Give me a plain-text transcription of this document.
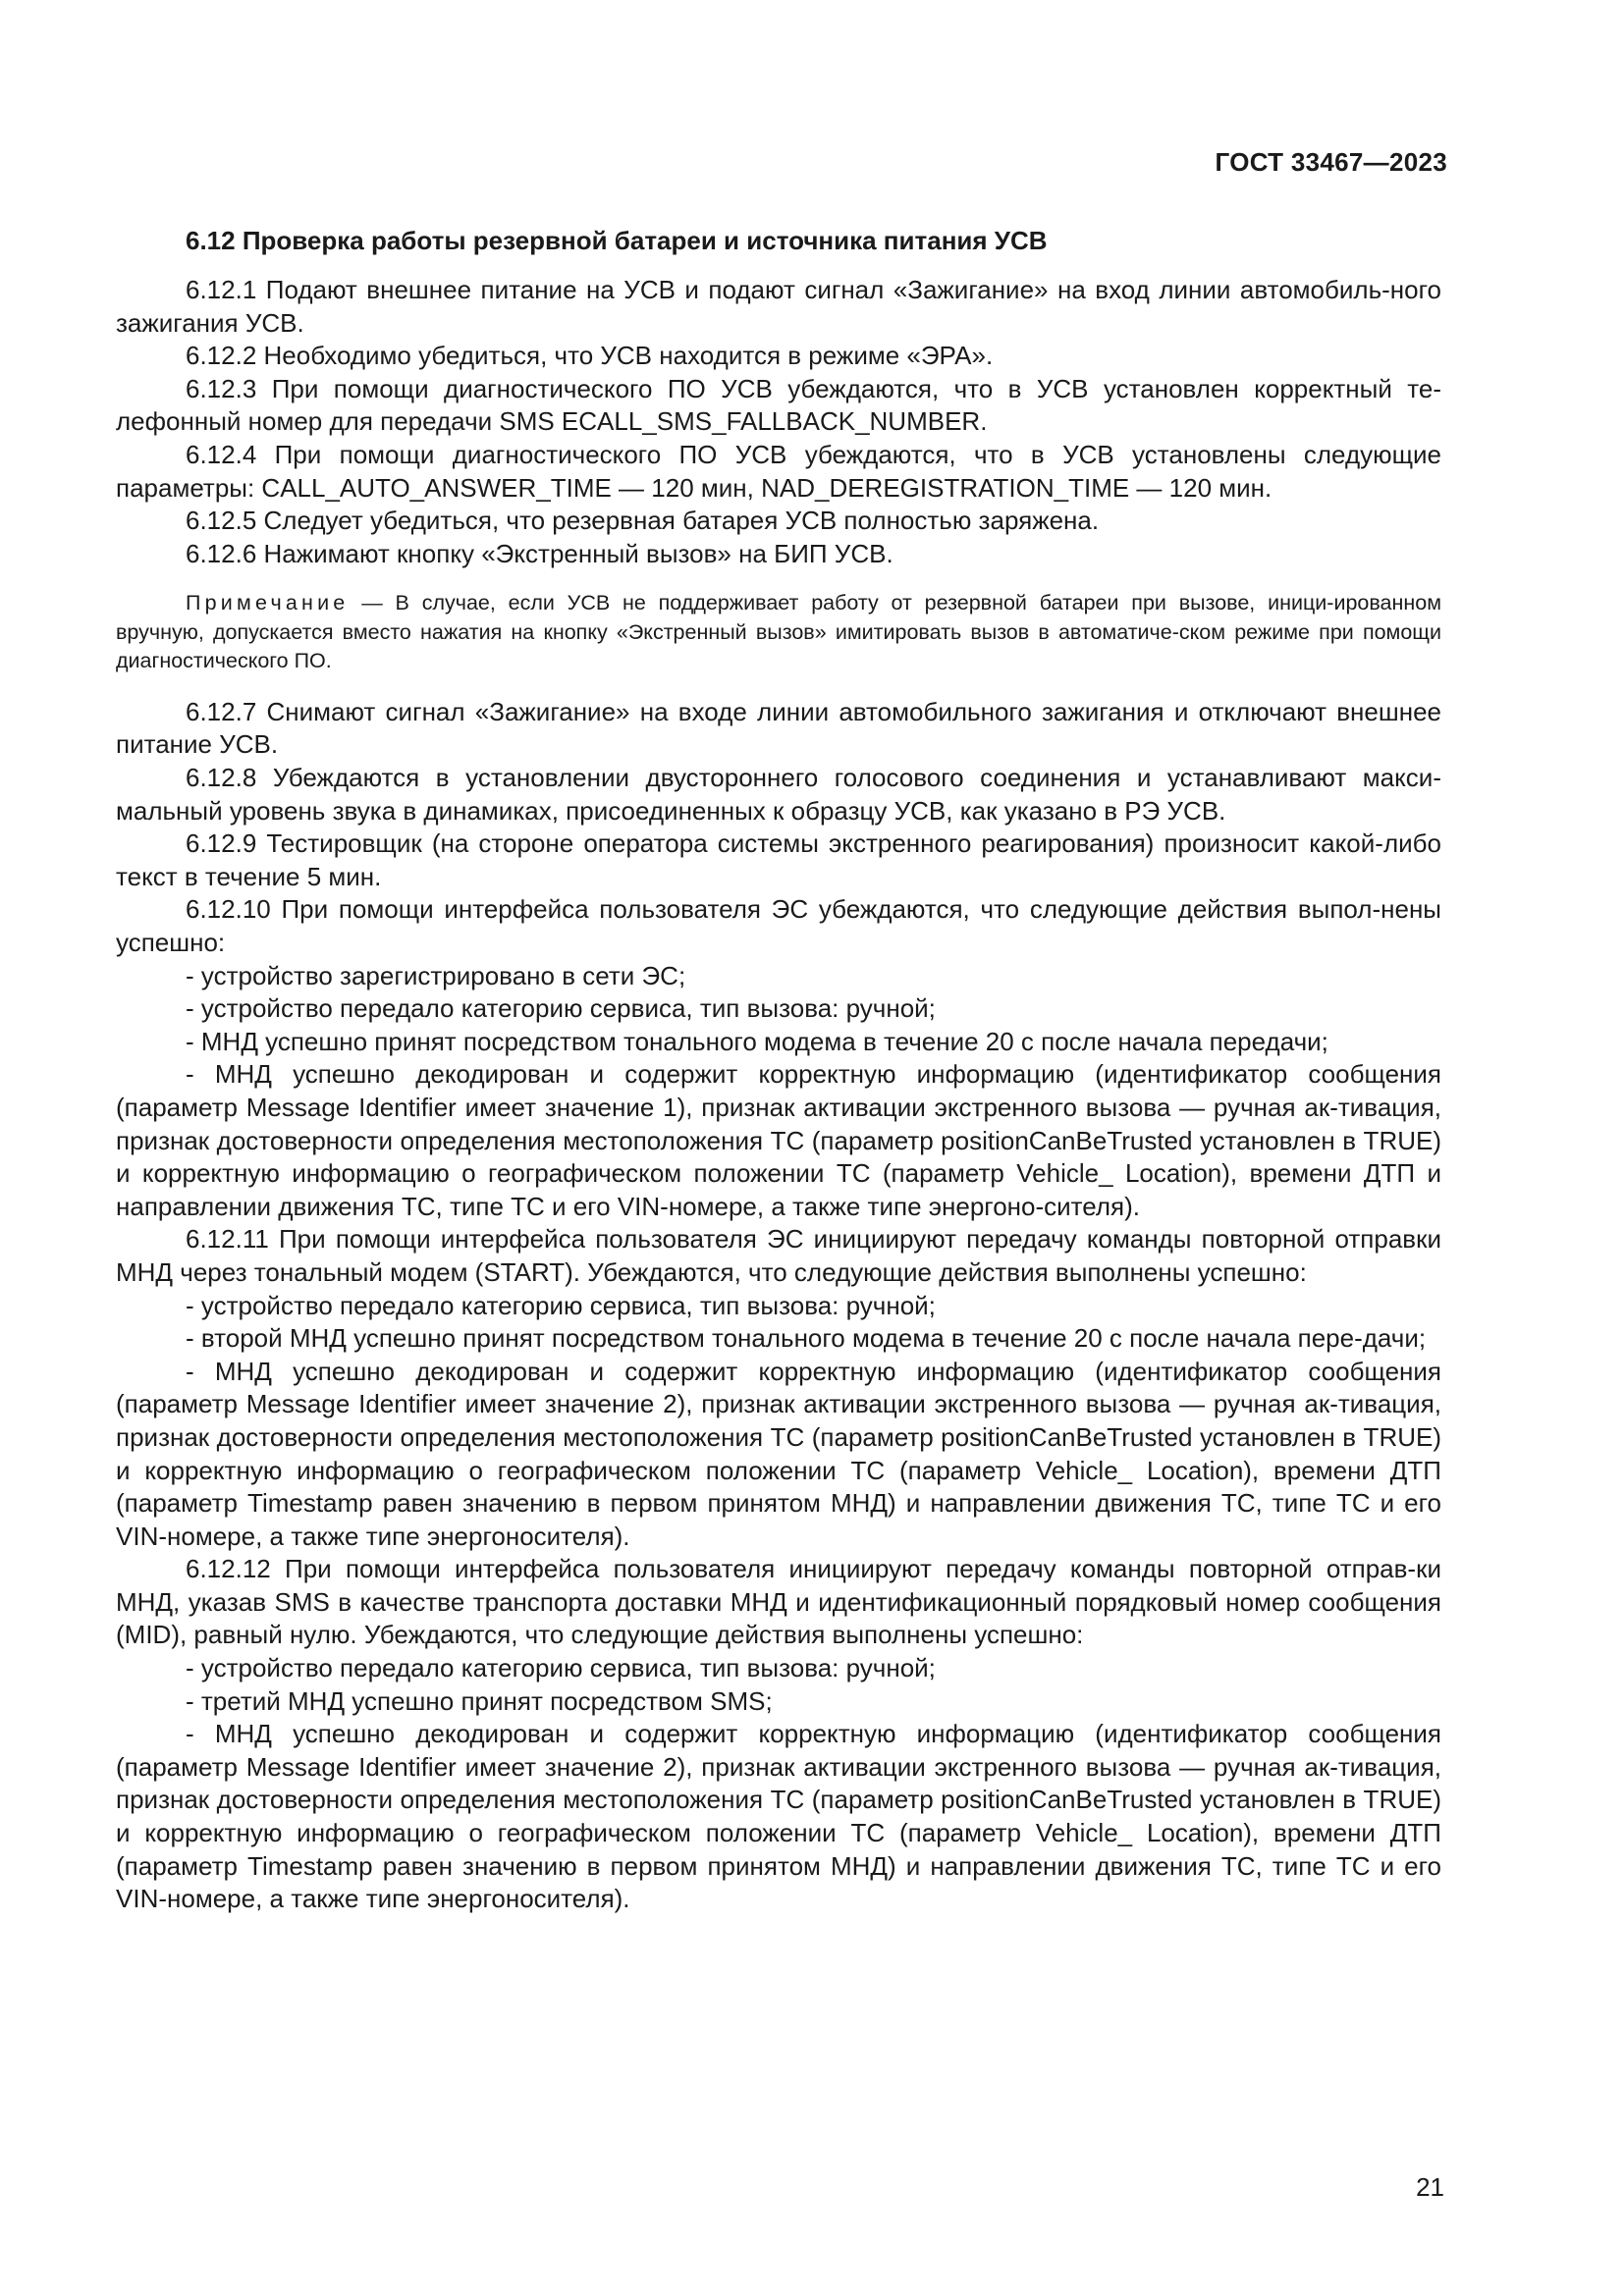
ГОСТ 33467—2023
6.12 Проверка работы резервной батареи и источника питания УСВ

6.12.1 Подают внешнее питание на УСВ и подают сигнал «Зажигание» на вход линии автомобиль-ного зажигания УСВ.

6.12.2 Необходимо убедиться, что УСВ находится в режиме «ЭРА».

6.12.3 При помощи диагностического ПО УСВ убеждаются, что в УСВ установлен корректный те-лефонный номер для передачи SMS ECALL_SMS_FALLBACK_NUMBER.

6.12.4 При помощи диагностического ПО УСВ убеждаются, что в УСВ установлены следующие параметры: CALL_AUTO_ANSWER_TIME — 120 мин, NAD_DEREGISTRATION_TIME — 120 мин.

6.12.5 Следует убедиться, что резервная батарея УСВ полностью заряжена.

6.12.6 Нажимают кнопку «Экстренный вызов» на БИП УСВ.

Примечание — В случае, если УСВ не поддерживает работу от резервной батареи при вызове, иници-ированном вручную, допускается вместо нажатия на кнопку «Экстренный вызов» имитировать вызов в автоматиче-ском режиме при помощи диагностического ПО.

6.12.7 Снимают сигнал «Зажигание» на входе линии автомобильного зажигания и отключают внешнее питание УСВ.

6.12.8 Убеждаются в установлении двустороннего голосового соединения и устанавливают макси-мальный уровень звука в динамиках, присоединенных к образцу УСВ, как указано в РЭ УСВ.

6.12.9 Тестировщик (на стороне оператора системы экстренного реагирования) произносит какой-либо текст в течение 5 мин.

6.12.10 При помощи интерфейса пользователя ЭС убеждаются, что следующие действия выпол-нены успешно:

- устройство зарегистрировано в сети ЭС;

- устройство передало категорию сервиса, тип вызова: ручной;

- МНД успешно принят посредством тонального модема в течение 20 с после начала передачи;

- МНД успешно декодирован и содержит корректную информацию (идентификатор сообщения (параметр Message Identifier имеет значение 1), признак активации экстренного вызова — ручная ак-тивация, признак достоверности определения местоположения ТС (параметр positionCanBeTrusted установлен в TRUE) и корректную информацию о географическом положении ТС (параметр Vehicle_ Location), времени ДТП и направлении движения ТС, типе ТС и его VIN-номере, а также типе энергоно-сителя).

6.12.11 При помощи интерфейса пользователя ЭС инициируют передачу команды повторной отправки МНД через тональный модем (START). Убеждаются, что следующие действия выполнены успешно:

- устройство передало категорию сервиса, тип вызова: ручной;

- второй МНД успешно принят посредством тонального модема в течение 20 с после начала пере-дачи;

- МНД успешно декодирован и содержит корректную информацию (идентификатор сообщения (параметр Message Identifier имеет значение 2), признак активации экстренного вызова — ручная ак-тивация, признак достоверности определения местоположения ТС (параметр positionCanBeTrusted установлен в TRUE) и корректную информацию о географическом положении ТС (параметр Vehicle_ Location), времени ДТП (параметр Timestamp равен значению в первом принятом МНД) и направлении движения ТС, типе ТС и его VIN-номере, а также типе энергоносителя).

6.12.12 При помощи интерфейса пользователя инициируют передачу команды повторной отправ-ки МНД, указав SMS в качестве транспорта доставки МНД и идентификационный порядковый номер сообщения (MID), равный нулю. Убеждаются, что следующие действия выполнены успешно:

- устройство передало категорию сервиса, тип вызова: ручной;

- третий МНД успешно принят посредством SMS;

- МНД успешно декодирован и содержит корректную информацию (идентификатор сообщения (параметр Message Identifier имеет значение 2), признак активации экстренного вызова — ручная ак-тивация, признак достоверности определения местоположения ТС (параметр positionCanBeTrusted установлен в TRUE) и корректную информацию о географическом положении ТС (параметр Vehicle_ Location), времени ДТП (параметр Timestamp равен значению в первом принятом МНД) и направлении движения ТС, типе ТС и его VIN-номере, а также типе энергоносителя).

21
